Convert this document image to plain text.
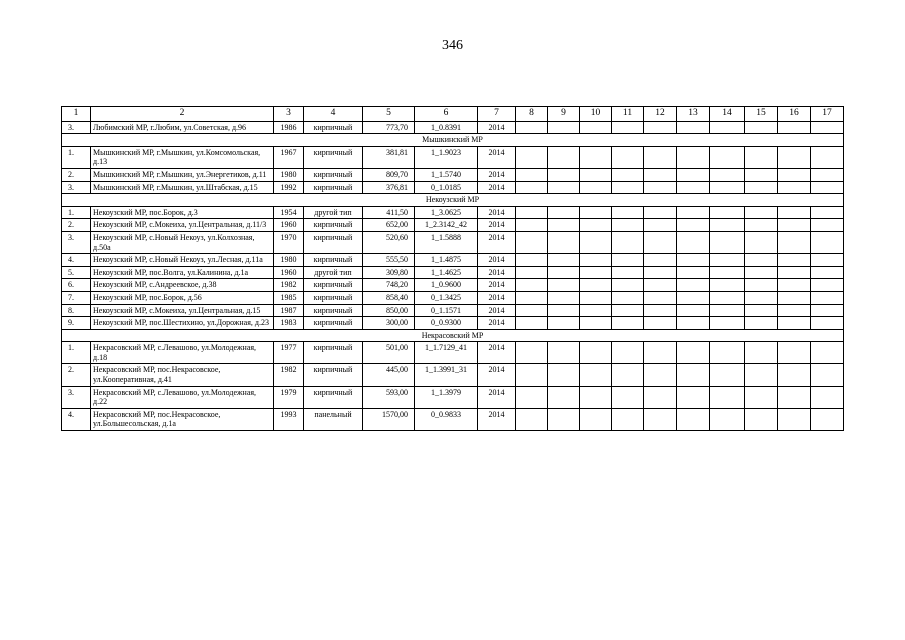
346
1	2	3	4	5	6	7	8	9	10	11	12	13	14	15	16	17
3.	Любимский МР, г.Любим, ул.Советская, д.96	1986	кирпичный	773,70	1_0.8391	2014										
Мышкинский МР																
1.	Мышкинский МР, г.Мышкин, ул.Комсомольская, д.13	1967	кирпичный	381,81	1_1.9023	2014										
2.	Мышкинский МР, г.Мышкин, ул.Энергетиков, д.11	1980	кирпичный	809,70	1_1.5740	2014										
3.	Мышкинский МР, г.Мышкин, ул.Штабская, д.15	1992	кирпичный	376,81	0_1.0185	2014										
Некоузский МР																
1.	Некоузский МР, пос.Борок, д.3	1954	другой тип	411,50	1_3.0625	2014										
2.	Некоузский МР, с.Мокеиха, ул.Центральная, д.11/3	1960	кирпичный	652,00	1_2.3142_42	2014										
3.	Некоузский МР, с.Новый Некоуз, ул.Колхозная, д.50а	1970	кирпичный	520,60	1_1.5888	2014										
4.	Некоузский МР, с.Новый Некоуз, ул.Лесная, д.11а	1980	кирпичный	555,50	1_1.4875	2014										
5.	Некоузский МР, пос.Волга, ул.Калинина, д.1а	1960	другой тип	309,80	1_1.4625	2014										
6.	Некоузский МР, с.Андреевское, д.38	1982	кирпичный	748,20	1_0.9600	2014										
7.	Некоузский МР, пос.Борок, д.56	1985	кирпичный	858,40	0_1.3425	2014										
8.	Некоузский МР, с.Мокеиха, ул.Центральная, д.15	1987	кирпичный	850,00	0_1.1571	2014										
9.	Некоузский МР, пос.Шестихино, ул.Дорожная, д.23	1983	кирпичный	300,00	0_0.9300	2014										
Некрасовский МР																
1.	Некрасовский МР, с.Левашово, ул.Молодежная, д.18	1977	кирпичный	501,00	1_1.7129_41	2014										
2.	Некрасовский МР, пос.Некрасовское, ул.Кооперативная, д.41	1982	кирпичный	445,00	1_1.3991_31	2014										
3.	Некрасовский МР, с.Левашово, ул.Молодежная, д.22	1979	кирпичный	593,00	1_1.3979	2014										
4.	Некрасовский МР, пос.Некрасовское, ул.Большесольская, д.1а	1993	панельный	1570,00	0_0.9833	2014										
